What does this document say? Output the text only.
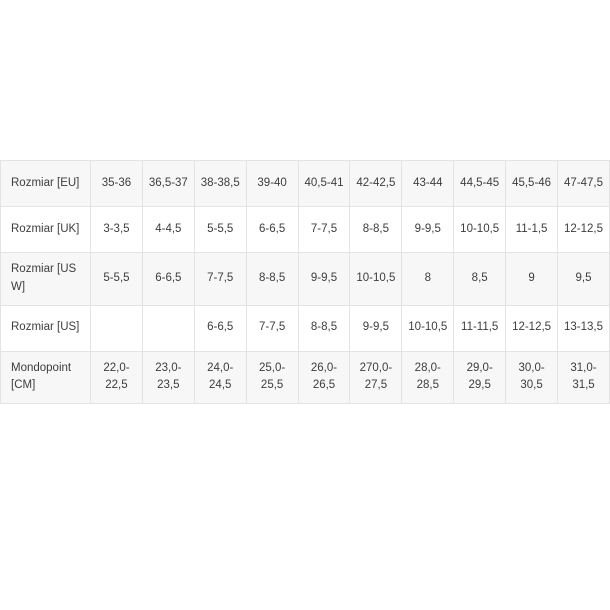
Rozmiar [EU]	35-36	36,5-37	38-38,5	39-40	40,5-41	42-42,5	43-44	44,5-45	45,5-46	47-47,5
Rozmiar [UK]	3-3,5	4-4,5	5-5,5	6-6,5	7-7,5	8-8,5	9-9,5	10-10,5	11-1,5	12-12,5
Rozmiar [US W]	5-5,5	6-6,5	7-7,5	8-8,5	9-9,5	10-10,5	8	8,5	9	9,5
Rozmiar [US]			6-6,5	7-7,5	8-8,5	9-9,5	10-10,5	11-11,5	12-12,5	13-13,5
Mondopoint [CM]	22,0-22,5	23,0-23,5	24,0-24,5	25,0-25,5	26,0-26,5	270,0-27,5	28,0-28,5	29,0-29,5	30,0-30,5	31,0-31,5
